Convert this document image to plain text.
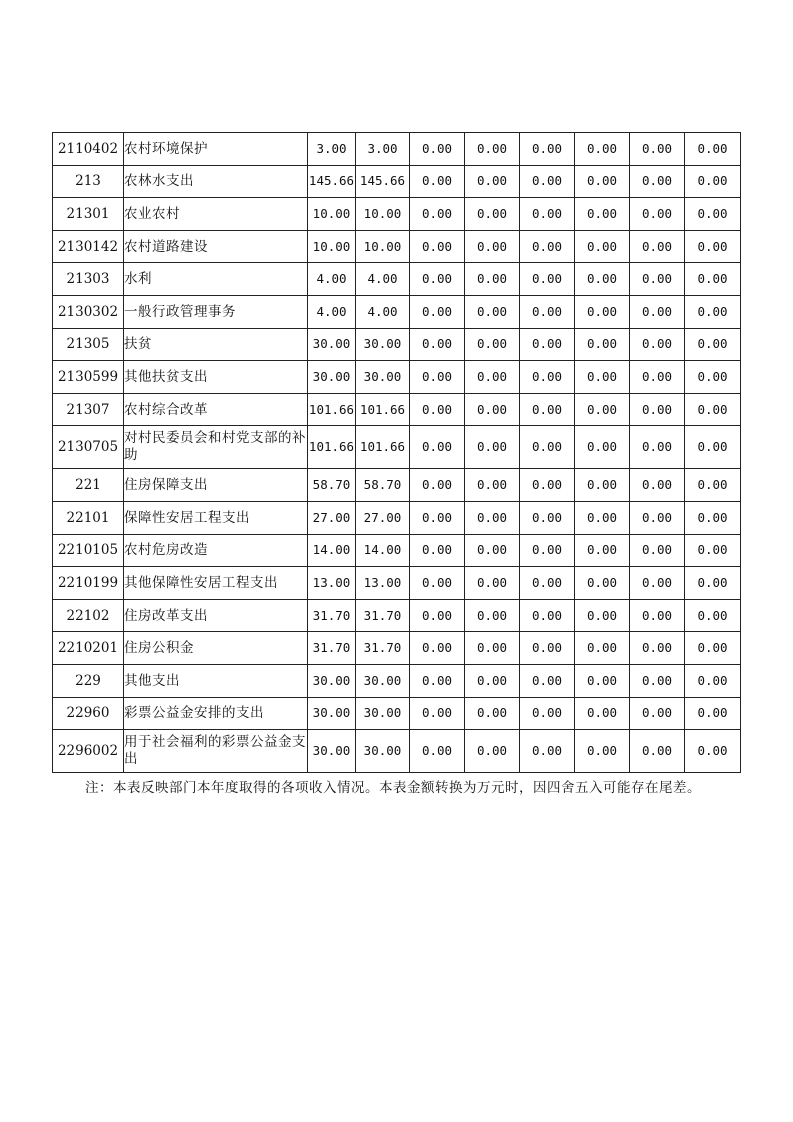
2110402	农村环境保护	3.00	3.00	0.00	0.00	0.00	0.00	0.00	0.00
213	农林水支出	145.66	145.66	0.00	0.00	0.00	0.00	0.00	0.00
21301	农业农村	10.00	10.00	0.00	0.00	0.00	0.00	0.00	0.00
2130142	农村道路建设	10.00	10.00	0.00	0.00	0.00	0.00	0.00	0.00
21303	水利	4.00	4.00	0.00	0.00	0.00	0.00	0.00	0.00
2130302	一般行政管理事务	4.00	4.00	0.00	0.00	0.00	0.00	0.00	0.00
21305	扶贫	30.00	30.00	0.00	0.00	0.00	0.00	0.00	0.00
2130599	其他扶贫支出	30.00	30.00	0.00	0.00	0.00	0.00	0.00	0.00
21307	农村综合改革	101.66	101.66	0.00	0.00	0.00	0.00	0.00	0.00
2130705	对村民委员会和村党支部的补助	101.66	101.66	0.00	0.00	0.00	0.00	0.00	0.00
221	住房保障支出	58.70	58.70	0.00	0.00	0.00	0.00	0.00	0.00
22101	保障性安居工程支出	27.00	27.00	0.00	0.00	0.00	0.00	0.00	0.00
2210105	农村危房改造	14.00	14.00	0.00	0.00	0.00	0.00	0.00	0.00
2210199	其他保障性安居工程支出	13.00	13.00	0.00	0.00	0.00	0.00	0.00	0.00
22102	住房改革支出	31.70	31.70	0.00	0.00	0.00	0.00	0.00	0.00
2210201	住房公积金	31.70	31.70	0.00	0.00	0.00	0.00	0.00	0.00
229	其他支出	30.00	30.00	0.00	0.00	0.00	0.00	0.00	0.00
22960	彩票公益金安排的支出	30.00	30.00	0.00	0.00	0.00	0.00	0.00	0.00
2296002	用于社会福利的彩票公益金支出	30.00	30.00	0.00	0.00	0.00	0.00	0.00	0.00
注：本表反映部门本年度取得的各项收入情况。本表金额转换为万元时，因四舍五入可能存在尾差。
